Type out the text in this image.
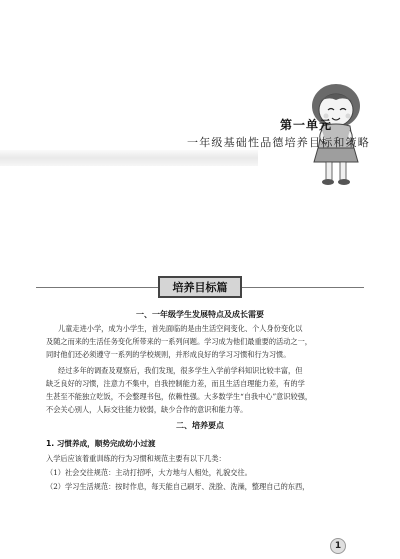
第一单元
一年级基础性品德培养目标和策略
培养目标篇
一、一年级学生发展特点及成长需要
儿童走进小学，成为小学生，首先面临的是由生活空间变化、个人身份变化以
及随之而来的生活任务变化所带来的一系列问题。学习成为他们最重要的活动之一，
同时他们还必须遵守一系列的学校规则，并形成良好的学习习惯和行为习惯。
经过多年的调查及观察后，我们发现，很多学生入学前学科知识比较丰富，但
缺乏良好的习惯，注意力不集中，自我控制能力差，而且生活自理能力差，有的学
生甚至不能独立吃饭，不会整理书包，依赖性强。大多数学生“自我中心”意识较强，
不会关心别人，人际交往能力较弱，缺少合作的意识和能力等。
二、培养要点
1. 习惯养成，顺势完成幼小过渡
入学后应该着重训练的行为习惯和规范主要有以下几类：
（1）社会交往规范：主动打招呼，大方地与人相处，礼貌交往。
（2）学习生活规范：按时作息，每天能自己刷牙、洗脸、洗澡，整理自己的东西，
1
